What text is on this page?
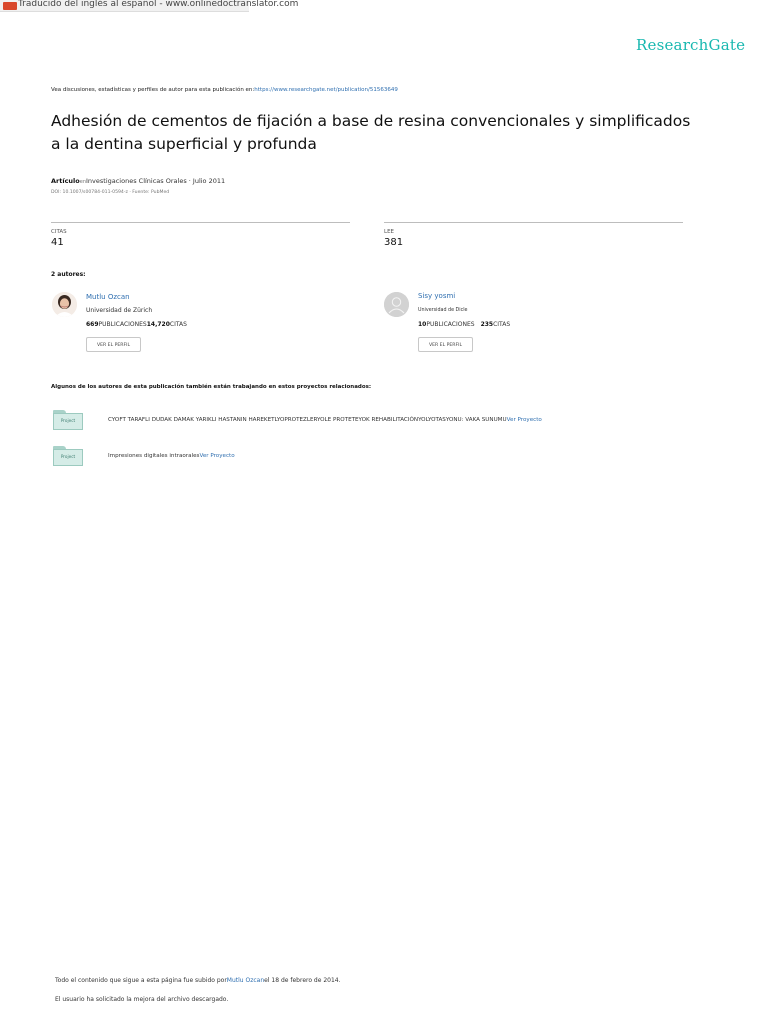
Traducido del inglés al español - www.onlinedoctranslator.com
ResearchGate
Vea discusiones, estadísticas y perfiles de autor para esta publicación en:https://www.researchgate.net/publication/51563649
Adhesión de cementos de fijación a base de resina convencionales y simplificados a la dentina superficial y profunda
ArtículoenInvestigaciones Clínicas Orales · Julio 2011
DOI: 10.1007/s00784-011-0594-z · Fuente: PubMed
CITAS
41
LEE
381
2 autores:
Mutlu Ozcan
Universidad de Zürich
669PUBLICACIONES14,720CITAS
VER EL PERFIL
Sisy yosmi
Universidad de Dicle
10PUBLICACIONES 235CITAS
VER EL PERFIL
Algunos de los autores de esta publicación también están trabajando en estos proyectos relacionados:
Project	CYOFT TARAFLI DUDAK DAMAK YARIKLI HASTANIN HAREKETLYOPROTEZLERYOLE PROTETEYOK REHABILITACIÓNYOLYOTASYONU: VAKA SUNUMUVer Proyecto
Project	Impresiones digitales intraoralesVer Proyecto
Todo el contenido que sigue a esta página fue subido porMutlu Ozcanel 18 de febrero de 2014.
El usuario ha solicitado la mejora del archivo descargado.
